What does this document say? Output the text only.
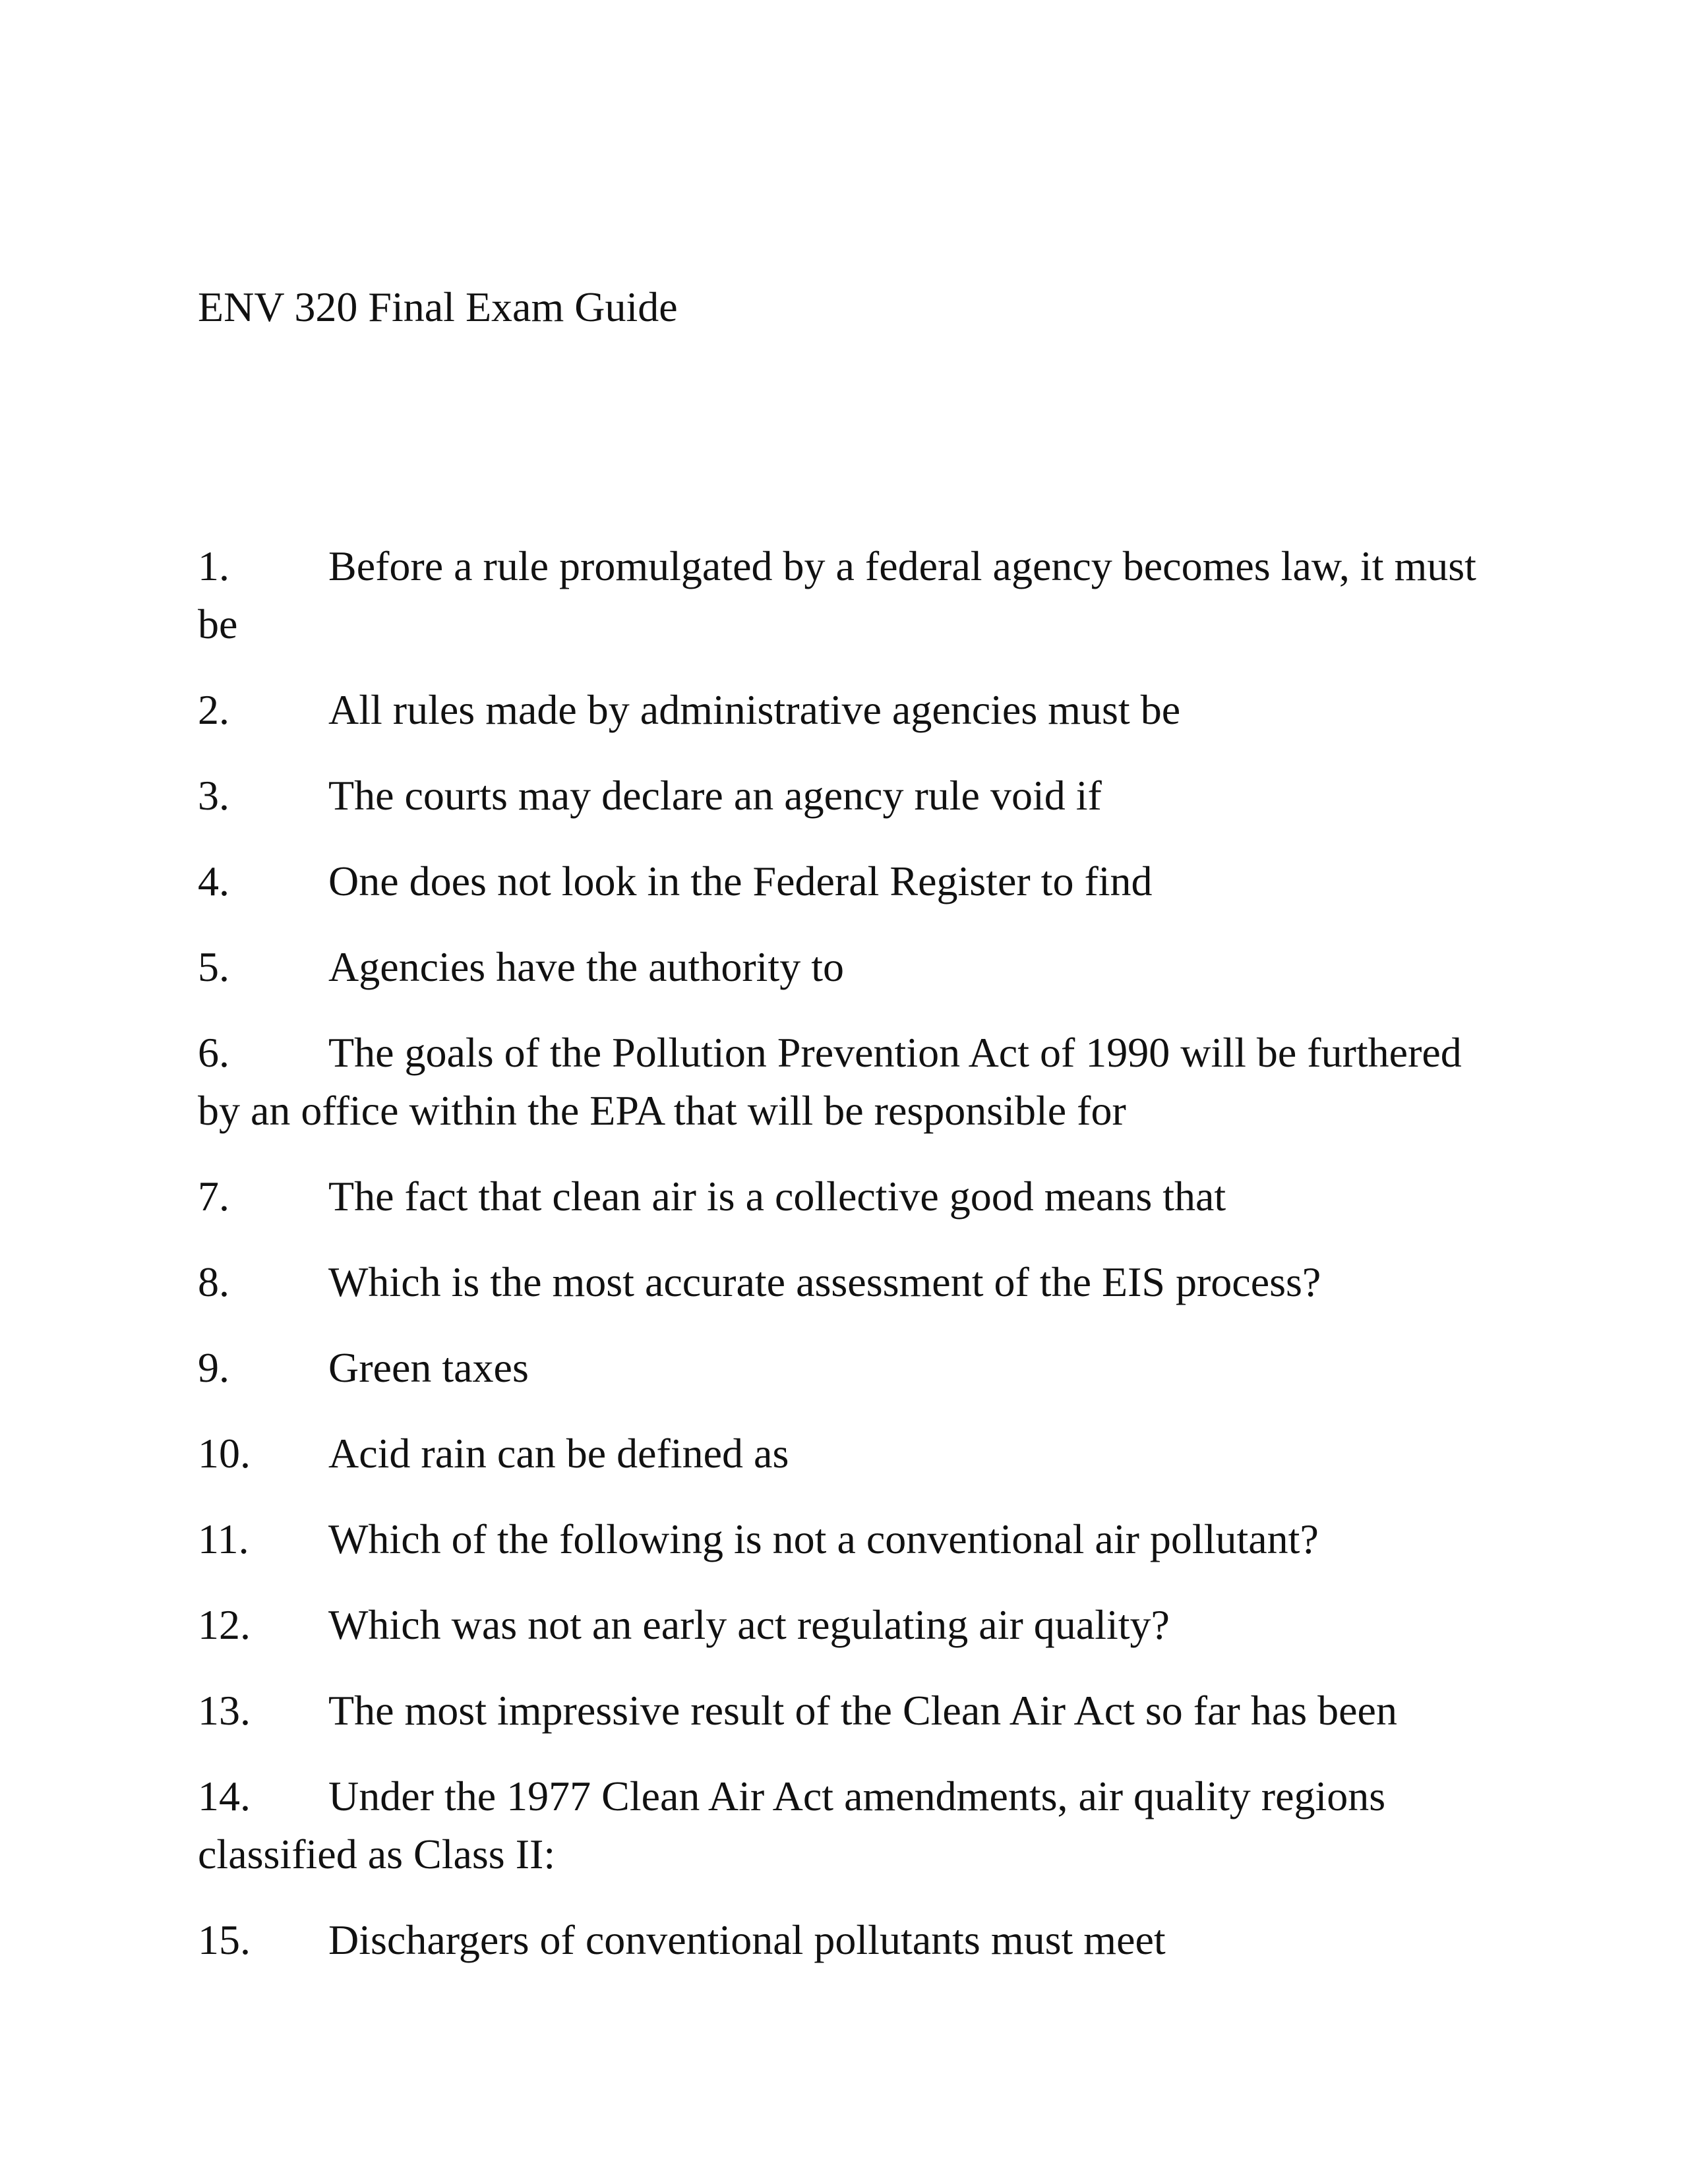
ENV 320 Final Exam Guide
1. Before a rule promulgated by a federal agency becomes law, it must be
2. All rules made by administrative agencies must be
3. The courts may declare an agency rule void if
4. One does not look in the Federal Register to find
5. Agencies have the authority to
6. The goals of the Pollution Prevention Act of 1990 will be furthered by an office within the EPA that will be responsible for
7. The fact that clean air is a collective good means that
8. Which is the most accurate assessment of the EIS process?
9. Green taxes
10. Acid rain can be defined as
11. Which of the following is not a conventional air pollutant?
12. Which was not an early act regulating air quality?
13. The most impressive result of the Clean Air Act so far has been
14. Under the 1977 Clean Air Act amendments, air quality regions classified as Class II:
15. Dischargers of conventional pollutants must meet
